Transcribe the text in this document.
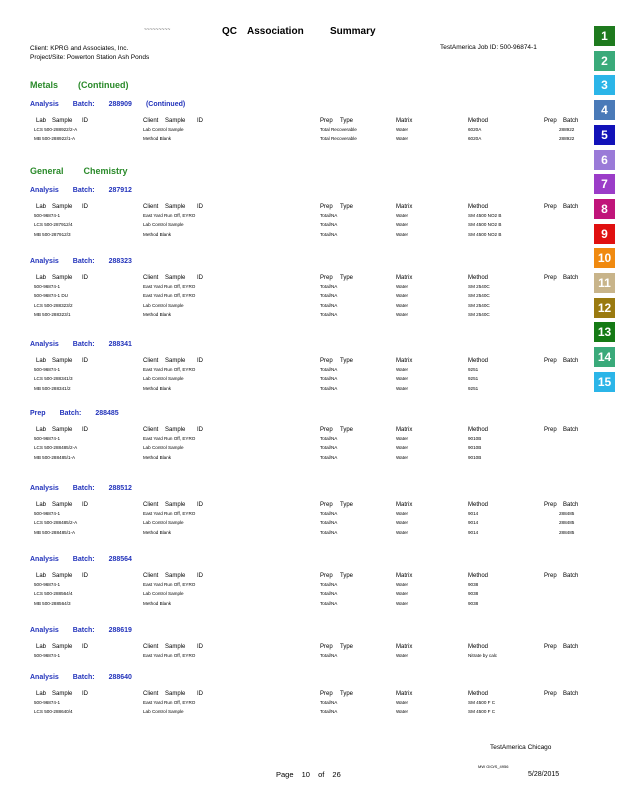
~~~~~~~~~	QC Association	Summary
Client: KPRG and Associates, Inc.
Project/Site: Powerton Station Ash Ponds
TestAmerica Job ID: 500-96874-1
Metals (Continued)
Analysis Batch: 288909 (Continued)
Lab Sample ID	Client Sample ID	Prep Type	Matrix	Method	Prep Batch
LCS 500-288922/2-A	Lab Control Sample	Total Recoverable	Water	6020A	288922
MB 500-288922/1-A	Method Blank	Total Recoverable	Water	6020A	288922
General Chemistry
Analysis Batch: 287912
Lab Sample ID	Client Sample ID	Prep Type	Matrix	Method	Prep Batch
500-96874-1	East Yard Run Off, EYRO	Total/NA	Water	SM 4500 NO2 B
LCS 500-287912/4	Lab Control Sample	Total/NA	Water	SM 4500 NO2 B
MB 500-287912/3	Method Blank	Total/NA	Water	SM 4500 NO2 B
Analysis Batch: 288323
Lab Sample ID	Client Sample ID	Prep Type	Matrix	Method	Prep Batch
500-96874-1	East Yard Run Off, EYRO	Total/NA	Water	SM 2540C
500-96874-1 DU	East Yard Run Off, EYRO	Total/NA	Water	SM 2540C
LCS 500-288323/2	Lab Control Sample	Total/NA	Water	SM 2540C
MB 500-288323/1	Method Blank	Total/NA	Water	SM 2540C
Analysis Batch: 288341
Lab Sample ID	Client Sample ID	Prep Type	Matrix	Method	Prep Batch
500-96874-1	East Yard Run Off, EYRO	Total/NA	Water	9251
LCS 500-288341/3	Lab Control Sample	Total/NA	Water	9251
MB 500-288341/2	Method Blank	Total/NA	Water	9251
Prep Batch: 288485
Lab Sample ID	Client Sample ID	Prep Type	Matrix	Method	Prep Batch
500-96874-1	East Yard Run Off, EYRO	Total/NA	Water	9010B
LCS 500-288485/2-A	Lab Control Sample	Total/NA	Water	9010B
MB 500-288485/1-A	Method Blank	Total/NA	Water	9010B
Analysis Batch: 288512
Lab Sample ID	Client Sample ID	Prep Type	Matrix	Method	Prep Batch
500-96874-1	East Yard Run Off, EYRO	Total/NA	Water	9014	288485
LCS 500-288485/2-A	Lab Control Sample	Total/NA	Water	9014	288485
MB 500-288485/1-A	Method Blank	Total/NA	Water	9014	288485
Analysis Batch: 288564
Lab Sample ID	Client Sample ID	Prep Type	Matrix	Method	Prep Batch
500-96874-1	East Yard Run Off, EYRO	Total/NA	Water	9038
LCS 500-288564/4	Lab Control Sample	Total/NA	Water	9038
MB 500-288564/3	Method Blank	Total/NA	Water	9038
Analysis Batch: 288619
Lab Sample ID	Client Sample ID	Prep Type	Matrix	Method	Prep Batch
500-96874-1	East Yard Run Off, EYRO	Total/NA	Water	Nitrate by calc
Analysis Batch: 288640
Lab Sample ID	Client Sample ID	Prep Type	Matrix	Method	Prep Batch
500-96874-1	East Yard Run Off, EYRO	Total/NA	Water	SM 4500 F C
LCS 500-288640/4	Lab Control Sample	Total/NA	Water	SM 4500 F C
1
2
3
4
5
6
7
8
9
10
11
12
13
14
15
TestAmerica Chicago
MW GIO/S_4956
Page 10 of 26	5/28/2015
